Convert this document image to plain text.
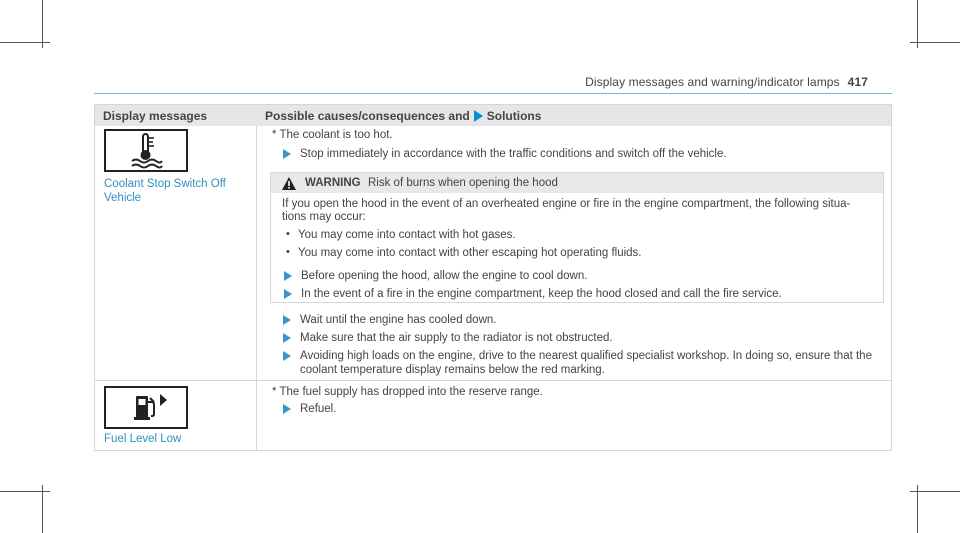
Display messages and warning/indicator lamps 417
Display messages	Possible causes/consequences and Solutions
Coolant Stop Switch Off
Vehicle
* The coolant is too hot.
Stop immediately in accordance with the traffic conditions and switch off the vehicle.
WARNING Risk of burns when opening the hood
If you open the hood in the event of an overheated engine or fire in the engine compartment, the following situa-
tions may occur:
• You may come into contact with hot gases.
• You may come into contact with other escaping hot operating fluids.
Before opening the hood, allow the engine to cool down.
In the event of a fire in the engine compartment, keep the hood closed and call the fire service.
Wait until the engine has cooled down.
Make sure that the air supply to the radiator is not obstructed.
Avoiding high loads on the engine, drive to the nearest qualified specialist workshop. In doing so, ensure that the
coolant temperature display remains below the red marking.
Fuel Level Low
* The fuel supply has dropped into the reserve range.
Refuel.
